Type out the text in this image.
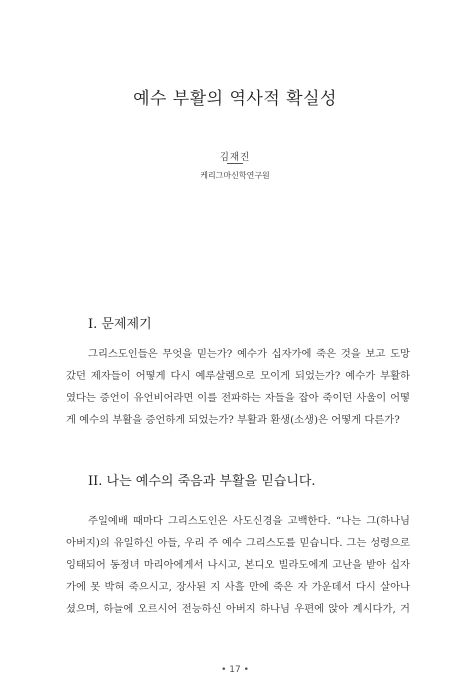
예수 부활의 역사적 확실성
김재진
케리그마신학연구원
I. 문제제기
그리스도인들은 무엇을 믿는가? 예수가 십자가에 죽은 것을 보고 도망
갔던 제자들이 어떻게 다시 예루살렘으로 모이게 되었는가? 예수가 부활하
였다는 증언이 유언비어라면 이를 전파하는 자들을 잡아 죽이던 사울이 어떻
게 예수의 부활을 증언하게 되었는가? 부활과 환생(소생)은 어떻게 다른가?
II. 나는 예수의 죽음과 부활을 믿습니다.
주일예배 때마다 그리스도인은 사도신경을 고백한다. “나는 그(하나님
아버지)의 유일하신 아들, 우리 주 예수 그리스도를 믿습니다. 그는 성령으로
잉태되어 동정녀 마리아에게서 나시고, 본디오 빌라도에게 고난을 받아 십자
가에 못 박혀 죽으시고, 장사된 지 사흘 만에 죽은 자 가운데서 다시 살아나
셨으며, 하늘에 오르시어 전능하신 아버지 하나님 우편에 앉아 계시다가, 거
• 17 •
